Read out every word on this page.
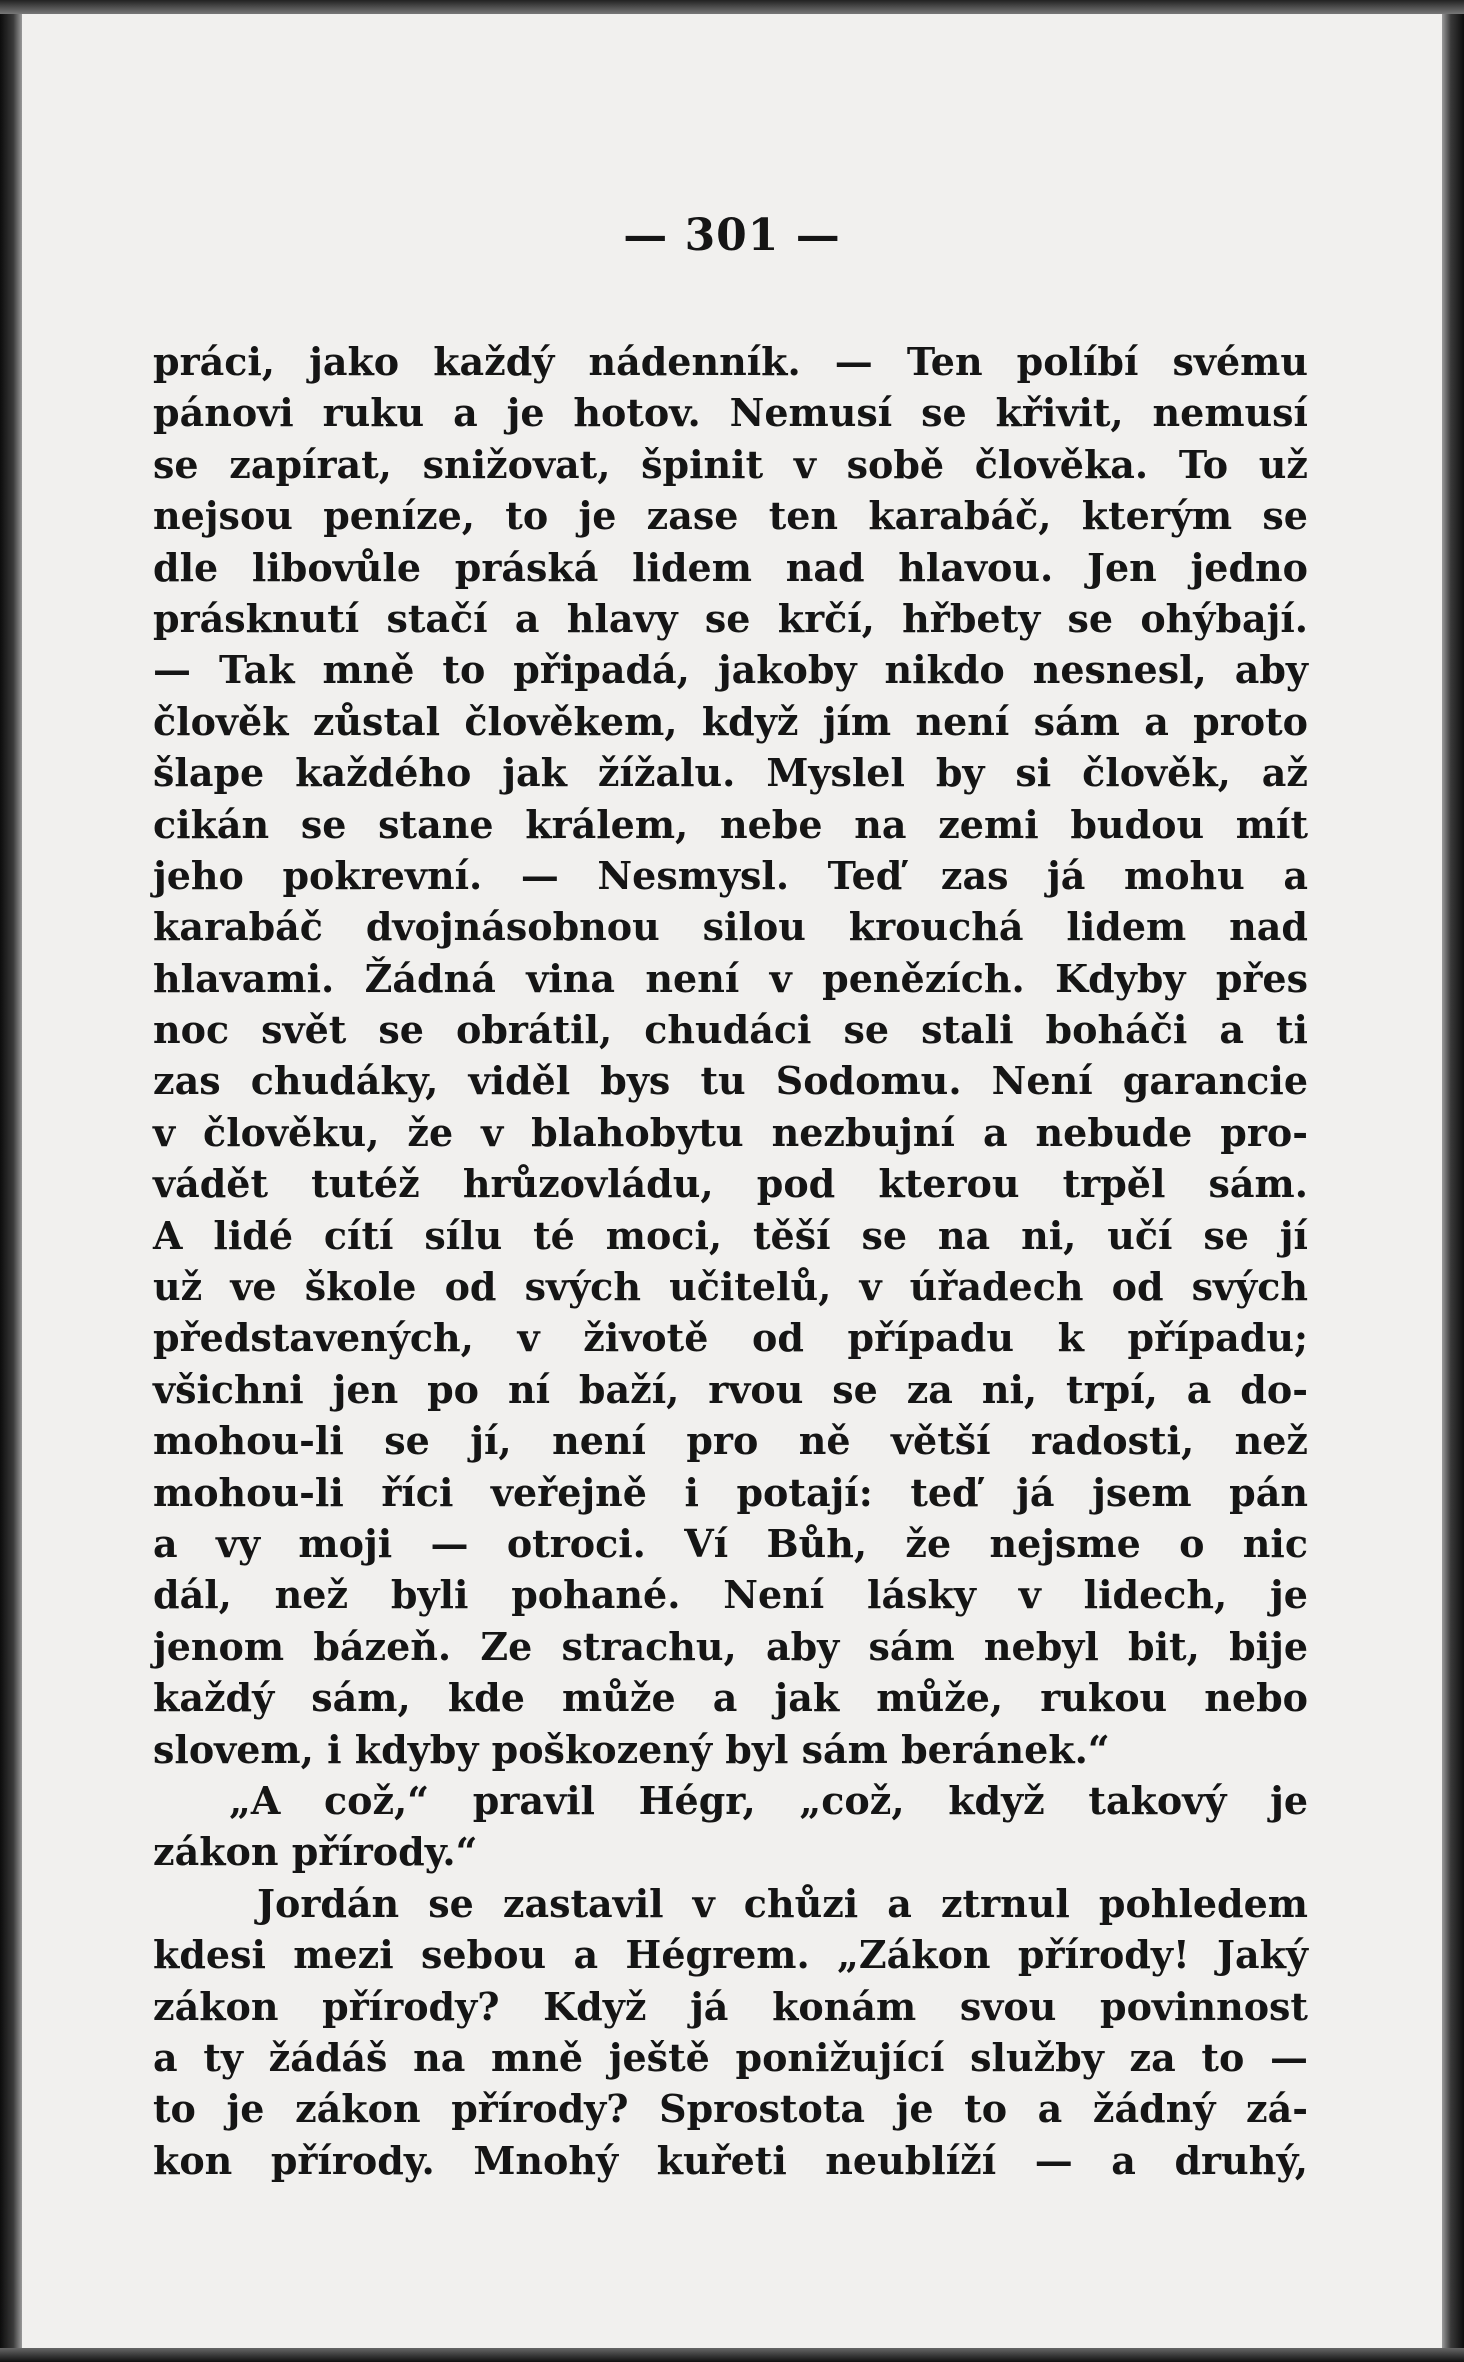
— 301 —
práci, jako každý nádenník. — Ten políbí svému
pánovi ruku a je hotov. Nemusí se křivit, nemusí
se zapírat, snižovat, špinit v sobě člověka. To už
nejsou peníze, to je zase ten karabáč, kterým se
dle libovůle práská lidem nad hlavou. Jen jedno
prásknutí stačí a hlavy se krčí, hřbety se ohýbají.
— Tak mně to připadá, jakoby nikdo nesnesl, aby
člověk zůstal člověkem, když jím není sám a proto
šlape každého jak žížalu. Myslel by si člověk, až
cikán se stane králem, nebe na zemi budou mít
jeho pokrevní. — Nesmysl. Teď zas já mohu a
karabáč dvojnásobnou silou krouchá lidem nad
hlavami. Žádná vina není v penězích. Kdyby přes
noc svět se obrátil, chudáci se stali boháči a ti
zas chudáky, viděl bys tu Sodomu. Není garancie
v člověku, že v blahobytu nezbujní a nebude pro-
vádět tutéž hrůzovládu, pod kterou trpěl sám.
A lidé cítí sílu té moci, těší se na ni, učí se jí
už ve škole od svých učitelů, v úřadech od svých
představených, v životě od případu k případu;
všichni jen po ní baží, rvou se za ni, trpí, a do-
mohou-li se jí, není pro ně větší radosti, než
mohou-li říci veřejně i potají: teď já jsem pán
a vy moji — otroci. Ví Bůh, že nejsme o nic
dál, než byli pohané. Není lásky v lidech, je
jenom bázeň. Ze strachu, aby sám nebyl bit, bije
každý sám, kde může a jak může, rukou nebo
slovem, i kdyby poškozený byl sám beránek.“
„A což,“ pravil Hégr, „což, když takový je
zákon přírody.“
Jordán se zastavil v chůzi a ztrnul pohledem
kdesi mezi sebou a Hégrem. „Zákon přírody! Jaký
zákon přírody? Když já konám svou povinnost
a ty žádáš na mně ještě ponižující služby za to —
to je zákon přírody? Sprostota je to a žádný zá-
kon přírody. Mnohý kuřeti neublíží — a druhý,
